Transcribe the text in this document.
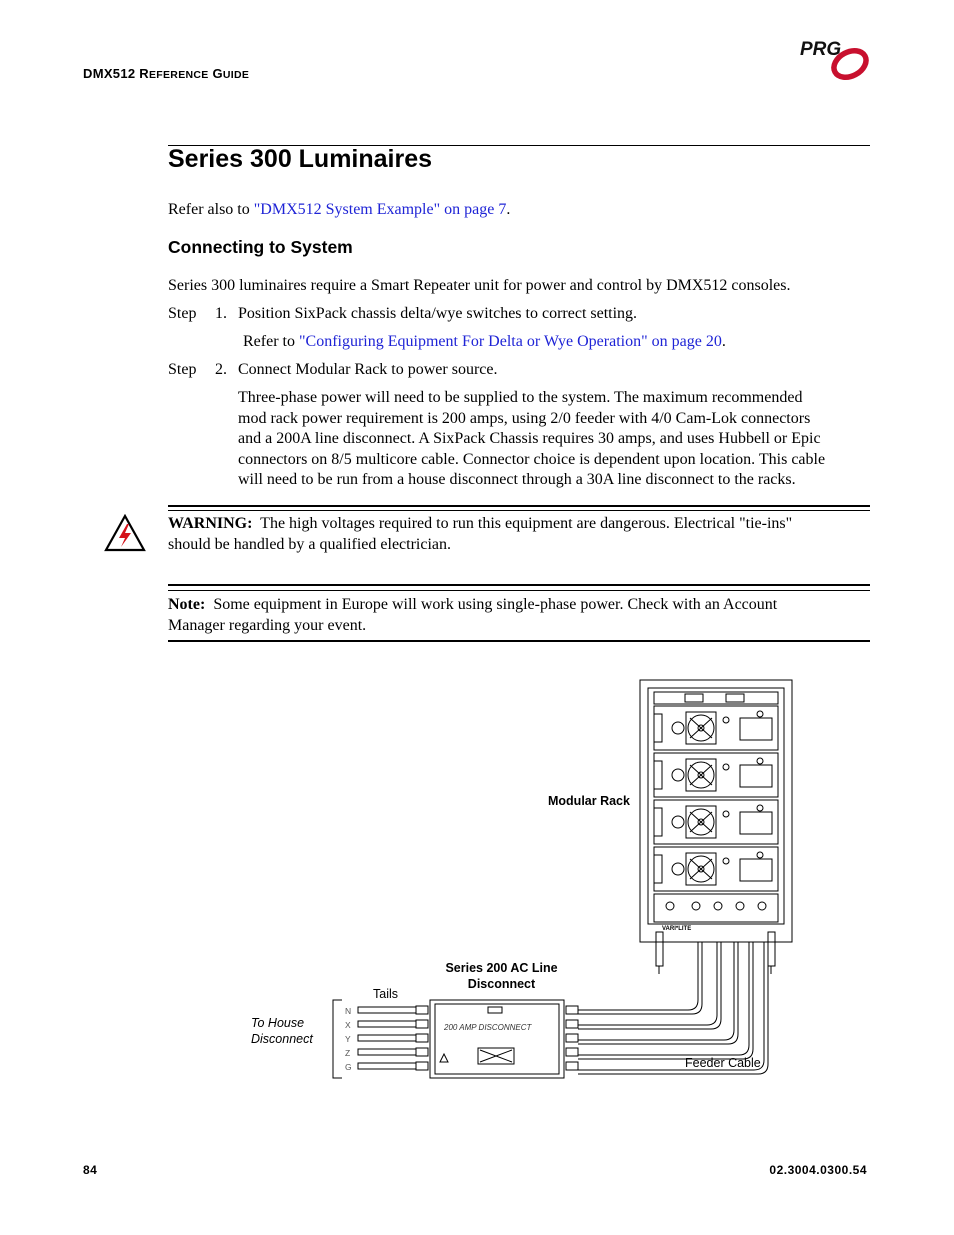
DMX512 REFERENCE GUIDE
PRG
Series 300 Luminaires
Refer also to "DMX512 System Example" on page 7.
Connecting to System
Series 300 luminaires require a Smart Repeater unit for power and control by DMX512 consoles.
Step 1. Position SixPack chassis delta/wye switches to correct setting.
Refer to "Configuring Equipment For Delta or Wye Operation" on page 20.
Step 2. Connect Modular Rack to power source.
Three-phase power will need to be supplied to the system. The maximum recommended
mod rack power requirement is 200 amps, using 2/0 feeder with 4/0 Cam-Lok connectors
and a 200A line disconnect. A SixPack Chassis requires 30 amps, and uses Hubbell or Epic
connectors on 8/5 multicore cable. Connector choice is dependent upon location. This cable
will need to be run from a house disconnect through a 30A line disconnect to the racks.
WARNING: The high voltages required to run this equipment are dangerous. Electrical "tie-ins"
should be handled by a qualified electrician.
Note: Some equipment in Europe will work using single-phase power. Check with an Account
Manager regarding your event.
200 AMP DISCONNECT
VARI*LITE
N
X
Y
Z
G
Modular Rack
Series 200 AC Line
Disconnect
Tails
To House
Disconnect
Feeder Cable
84	02.3004.0300.54
